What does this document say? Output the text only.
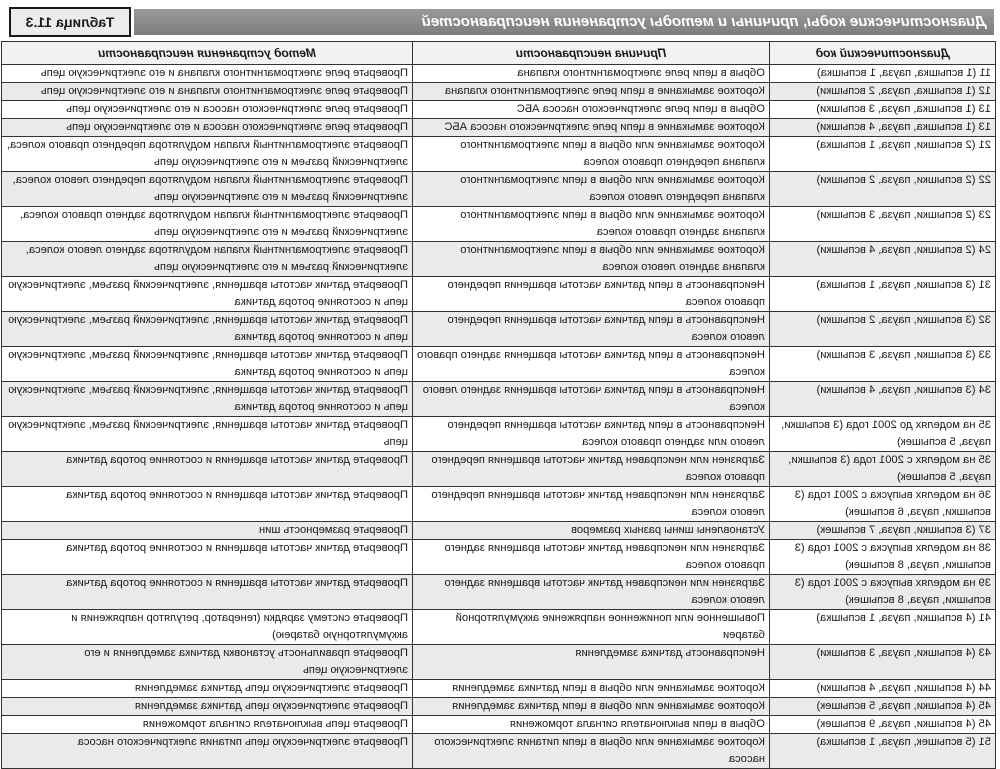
Диагностические коды, причины и методы устранения неисправностей
Таблица 11.3
Диагностический код	Причина неисправности	Метод устранения неисправности
11 (1 вспышка, пауза, 1 вспышка)	Обрыв в цепи реле электромагнитного клапана	Проверьте реле электромагнитного клапана и его электрическую цепь
12 (1 вспышка, пауза, 2 вспышки)	Короткое замыкание в цепи реле электромагнитного клапана	Проверьте реле электромагнитного клапана и его электрическую цепь
13 (1 вспышка, пауза, 3 вспышки)	Обрыв в цепи реле электрического насоса АБС	Проверьте реле электрического насоса и его электрическую цепь
13 (1 вспышка, пауза, 4 вспышки)	Короткое замыкание в цепи реле электрического насоса АБС	Проверьте реле электрического насоса и его электрическую цепь
21 (2 вспышки, пауза, 1 вспышка)	Короткое замыкание или обрыв в цепи электромагнитного клапана переднего правого колеса	Проверьте электромагнитный клапан модулятора переднего правого колеса, электрический разъем и его электрическую цепь
22 (2 вспышки, пауза, 2 вспышки)	Короткое замыкание или обрыв в цепи электромагнитного клапана переднего левого колеса	Проверьте электромагнитный клапан модулятора переднего левого колеса, электрический разъем и его электрическую цепь
23 (2 вспышки, пауза, 3 вспышки)	Короткое замыкание или обрыв в цепи электромагнитного клапана заднего правого колеса	Проверьте электромагнитный клапан модулятора заднего правого колеса, электрический разъем и его электрическую цепь
24 (2 вспышки, пауза, 4 вспышки)	Короткое замыкание или обрыв в цепи электромагнитного клапана заднего левого колеса	Проверьте электромагнитный клапан модулятора заднего левого колеса, электрический разъем и его электрическую цепь
31 (3 вспышки, пауза, 1 вспышка)	Неисправность в цепи датчика частоты вращения переднего правого колеса	Проверьте датчик частоты вращения, электрический разъем, электрическую цепь и состояние ротора датчика
32 (3 вспышки, пауза, 2 вспышки)	Неисправность в цепи датчика частоты вращения переднего левого колеса	Проверьте датчик частоты вращения, электрический разъем, электрическую цепь и состояние ротора датчика
33 (3 вспышки, пауза, 3 вспышки)	Неисправность в цепи датчика частоты вращения заднего правого колеса	Проверьте датчик частоты вращения, электрический разъем, электрическую цепь и состояние ротора датчика
34 (3 вспышки, пауза, 4 вспышки)	Неисправность в цепи датчика частоты вращения заднего левого колеса	Проверьте датчик частоты вращения, электрический разъем, электрическую цепь и состояние ротора датчика
35 на моделях до 2001 года (3 вспышки, пауза, 5 вспышек)	Неисправность в цепи датчика частоты вращения переднего левого или заднего правого колеса	Проверьте датчик частоты вращения, электрический разъем, электрическую цепь
35 на моделях с 2001 года (3 вспышки, пауза, 5 вспышек)	Загрязнен или неисправен датчик частоты вращения переднего правого колеса	Проверьте датчик частоты вращения и состояние ротора датчика
36 на моделях выпуска с 2001 года (3 вспышки, пауза, 6 вспышек)	Загрязнен или неисправен датчик частоты вращения переднего левого колеса	Проверьте датчик частоты вращения и состояние ротора датчика
37 (3 вспышки, пауза, 7 вспышек)	Установлены шины разных размеров	Проверьте размерность шин
38 на моделях выпуска с 2001 года (3 вспышки, пауза, 8 вспышек)	Загрязнен или неисправен датчик частоты вращения заднего правого колеса	Проверьте датчик частоты вращения и состояние ротора датчика
39 на моделях выпуска с 2001 года (3 вспышки, пауза, 8 вспышек)	Загрязнен или неисправен датчик частоты вращения заднего левого колеса	Проверьте датчик частоты вращения и состояние ротора датчика
41 (4 вспышки, пауза, 1 вспышка)	Повышенное или пониженное напряжение аккумуляторной батареи	Проверьте систему зарядки (генератор, регулятор напряжения и аккумуляторную батарею)
43 (4 вспышки, пауза, 3 вспышки)	Неисправность датчика замедления	Проверьте правильность установки датчика замедления и его электрическую цепь
44 (4 вспышки, пауза, 4 вспышки)	Короткое замыкание или обрыв в цепи датчика замедления	Проверьте электрическую цепь датчика замедления
45 (4 вспышки, пауза, 5 вспышек)	Короткое замыкание или обрыв в цепи датчика замедления	Проверьте электрическую цепь датчика замедления
45 (4 вспышки, пауза, 9 вспышек)	Обрыв в цепи выключателя сигнала торможения	Проверьте цепь выключателя сигнала торможения
51 (5 вспышек, пауза, 1 вспышка)	Короткое замыкание или обрыв в цепи питания электрического насоса	Проверьте электрическую цепь питания электрического насоса
